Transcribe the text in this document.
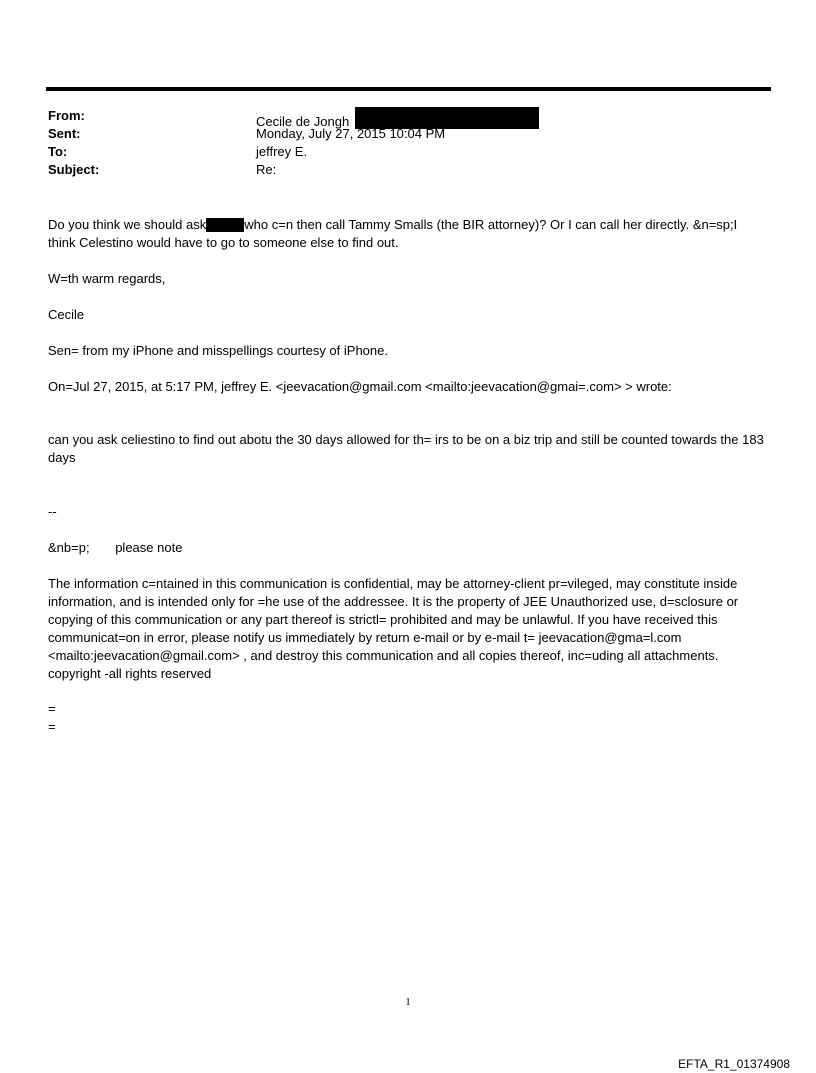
From:	Cecile de Jongh
Sent:	Monday, July 27, 2015 10:04 PM
To:	jeffrey E.
Subject:	Re:

Do you think we should ask	who c=n then call Tammy Smalls (the BIR attorney)? Or I can call her directly. &n=sp;I think Celestino would have to go to someone else to find out.

W=th warm regards,
Cecile
Sen= from my iPhone and misspellings courtesy of iPhone.
On=Jul 27, 2015, at 5:17 PM, jeffrey E. <jeevacation@gmail.com <mailto:jeevacation@gmai=.com> > wrote:
can you ask celiestino to find out abotu the 30 days allowed for th= irs to be on a biz trip and still be counted towards the 183 days
--
&nb=p; please note
The information c=ntained in this communication is confidential, may be attorney-client pr=vileged, may constitute inside information, and is intended only for =he use of the addressee. It is the property of JEE Unauthorized use, d=sclosure or copying of this communication or any part thereof is strictl= prohibited and may be unlawful. If you have received this communicat=on in error, please notify us immediately by return e-mail or by e-mail t= jeevacation@gma=l.com <mailto:jeevacation@gmail.com> , and destroy this communication and all copies thereof, inc=uding all attachments. copyright -all rights reserved
=
=
1
EFTA_R1_01374908
